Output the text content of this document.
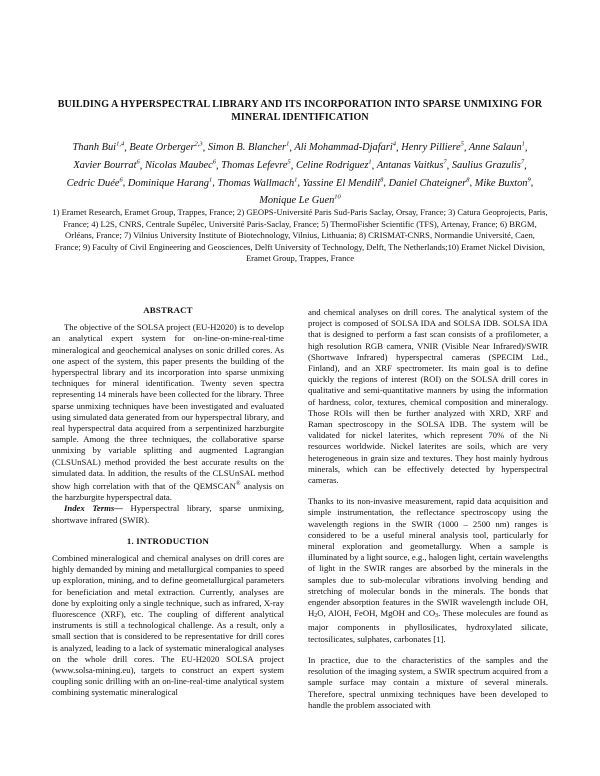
BUILDING A HYPERSPECTRAL LIBRARY AND ITS INCORPORATION INTO SPARSE UNMIXING FOR MINERAL IDENTIFICATION
Thanh Bui$^{1,4}$, Beate Orberger$^{2,3}$, Simon B. Blancher$^1$, Ali Mohammad-Djafari$^4$, Henry Pilliere$^5$, Anne Salaun$^1$, Xavier Bourrat$^6$, Nicolas Maubec$^6$, Thomas Lefevre$^5$, Celine Rodriguez$^1$, Antanas Vaitkus$^7$, Saulius Grazulis$^7$, Cedric Duée$^6$, Dominique Harang$^1$, Thomas Wallmach$^1$, Yassine El Mendili$^8$, Daniel Chateigner$^8$, Mike Buxton$^9$, Monique Le Guen$^{10}$
1) Eramet Research, Eramet Group, Trappes, France; 2) GEOPS-Université Paris Sud-Paris Saclay, Orsay, France; 3) Catura Geoprojects, Paris, France; 4) L2S, CNRS, Centrale Supélec, Université Paris-Saclay, France; 5) ThermoFisher Scientific (TFS), Artenay, France; 6) BRGM, Orléans, France; 7) Vilnius University Institute of Biotechnology, Vilnius, Lithuania; 8) CRISMAT-CNRS, Normandie Université, Caen, France; 9) Faculty of Civil Engineering and Geosciences, Delft University of Technology, Delft, The Netherlands;10) Eramet Nickel Division, Eramet Group, Trappes, France
ABSTRACT

The objective of the SOLSA project (EU-H2020) is to develop an analytical expert system for on-line-on-mine-real-time mineralogical and geochemical analyses on sonic drilled cores. As one aspect of the system, this paper presents the building of the hyperspectral library and its incorporation into sparse unmixing techniques for mineral identification. Twenty seven spectra representing 14 minerals have been collected for the library. Three sparse unmixing techniques have been investigated and evaluated using simulated data generated from our hyperspectral library, and real hyperspectral data acquired from a serpentinized harzburgite sample. Among the three techniques, the collaborative sparse unmixing by variable splitting and augmented Lagrangian (CLSUnSAL) method provided the best accurate results on the simulated data. In addition, the results of the CLSUnSAL method show high correlation with that of the QEMSCAN® analysis on the harzburgite hyperspectral data.

Index Terms— Hyperspectral library, sparse unmixing, shortwave infrared (SWIR).

1. INTRODUCTION

Combined mineralogical and chemical analyses on drill cores are highly demanded by mining and metallurgical companies to speed up exploration, mining, and to define geometallurgical parameters for beneficiation and metal extraction. Currently, analyses are done by exploiting only a single technique, such as infrared, X-ray fluorescence (XRF), etc. The coupling of different analytical instruments is still a technological challenge. As a result, only a small section that is considered to be representative for drill cores is analyzed, leading to a lack of systematic mineralogical analyses on the whole drill cores. The EU-H2020 SOLSA project (www.solsa-mining.eu), targets to construct an expert system coupling sonic drilling with an on-line-real-time analytical system combining systematic mineralogical

and chemical analyses on drill cores. The analytical system of the project is composed of SOLSA IDA and SOLSA IDB. SOLSA IDA that is designed to perform a fast scan consists of a profilometer, a high resolution RGB camera, VNIR (Visible Near Infrared)/SWIR (Shortwave Infrared) hyperspectral cameras (SPECIM Ltd., Finland), and an XRF spectrometer. Its main goal is to define quickly the regions of interest (ROI) on the SOLSA drill cores in qualitative and semi-quantitative manners by using the information of hardness, color, textures, chemical composition and mineralogy. Those ROIs will then be further analyzed with XRD, XRF and Raman spectroscopy in the SOLSA IDB. The system will be validated for nickel laterites, which represent 70% of the Ni resources worldwide. Nickel laterites are soils, which are very heterogeneous in grain size and textures. They host mainly hydrous minerals, which can be effectively detected by hyperspectral cameras.

Thanks to its non-invasive measurement, rapid data acquisition and simple instrumentation, the reflectance spectroscopy using the wavelength regions in the SWIR (1000 – 2500 nm) ranges is considered to be a useful mineral analysis tool, particularly for mineral exploration and geometallurgy. When a sample is illuminated by a light source, e.g., halogen light, certain wavelengths of light in the SWIR ranges are absorbed by the minerals in the samples due to sub-molecular vibrations involving bending and stretching of molecular bonds in the minerals. The bonds that engender absorption features in the SWIR wavelength include OH, $H_2O$, AlOH, FeOH, MgOH and $CO_3$. These molecules are found as major components in phyllosilicates, hydroxylated silicate, tectosilicates, sulphates, carbonates [1].

In practice, due to the characteristics of the samples and the resolution of the imaging system, a SWIR spectrum acquired from a sample surface may contain a mixture of several minerals. Therefore, spectral unmixing techniques have been developed to handle the problem associated with
